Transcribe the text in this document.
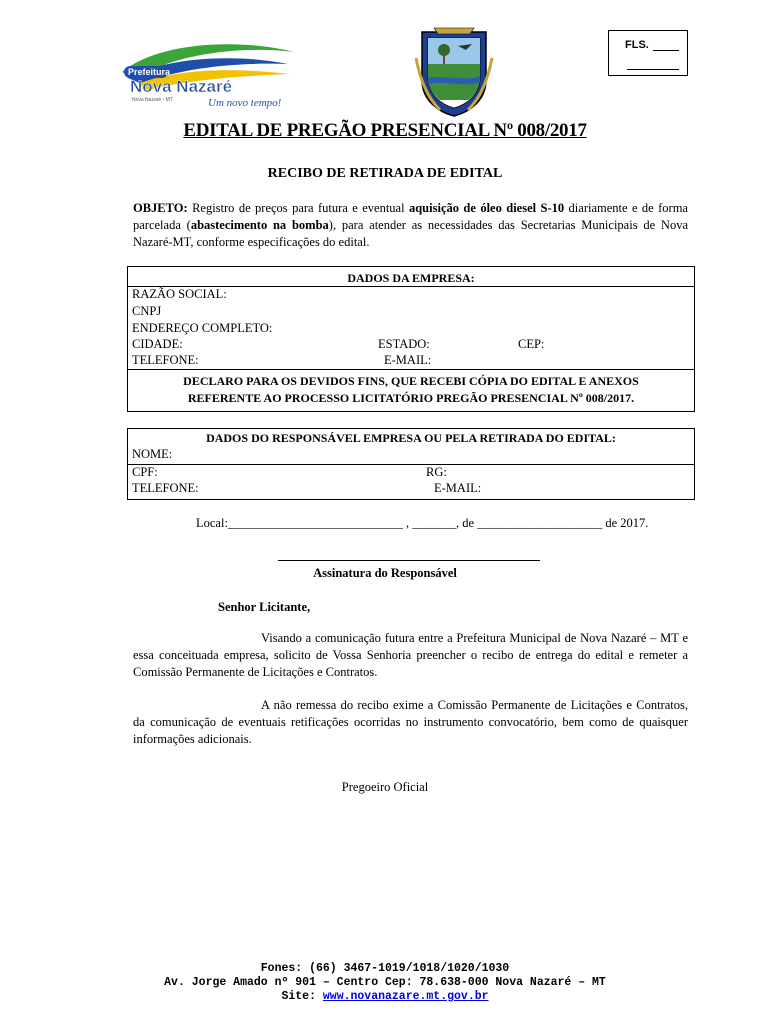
Prefeitura
Nova Nazaré
Um novo tempo!
Nova Nazaré - MT
FLS.
EDITAL DE PREGÃO PRESENCIAL Nº 008/2017
RECIBO DE RETIRADA DE EDITAL
OBJETO: Registro de preços para futura e eventual aquisição de óleo diesel S-10 diariamente e de forma parcelada (abastecimento na bomba), para atender as necessidades das Secretarias Municipais de Nova Nazaré-MT, conforme especificações do edital.
DADOS DA EMPRESA:
RAZÃO SOCIAL:
CNPJ
ENDEREÇO COMPLETO:
CIDADE:	ESTADO:	CEP:
TELEFONE:	E-MAIL:
DECLARO PARA OS DEVIDOS FINS, QUE RECEBI CÓPIA DO EDITAL E ANEXOS
REFERENTE AO PROCESSO LICITATÓRIO PREGÃO PRESENCIAL Nº 008/2017.
DADOS DO RESPONSÁVEL EMPRESA OU PELA RETIRADA DO EDITAL:
NOME:
CPF:	RG:
TELEFONE:	E-MAIL:
Local:____________________________ , _______, de ____________________ de 2017.
Assinatura do Responsável
Senhor Licitante,
Visando a comunicação futura entre a Prefeitura Municipal de Nova Nazaré – MT e essa conceituada empresa, solicito de Vossa Senhoria preencher o recibo de entrega do edital e remeter a Comissão Permanente de Licitações e Contratos.
A não remessa do recibo exime a Comissão Permanente de Licitações e Contratos, da comunicação de eventuais retificações ocorridas no instrumento convocatório, bem como de quaisquer informações adicionais.
Pregoeiro Oficial
Fones: (66) 3467-1019/1018/1020/1030
Av. Jorge Amado nº 901 – Centro Cep: 78.638-000 Nova Nazaré – MT
Site: www.novanazare.mt.gov.br
